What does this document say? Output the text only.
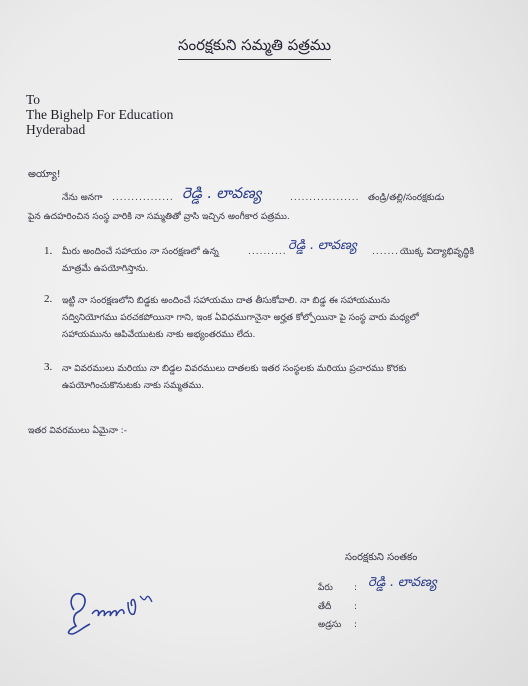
సంరక్షకుని సమ్మతి పత్రము
To
The Bighelp For Education
Hyderabad
అయ్యా!
నేను అనగా ................ రెడ్డి . లావణ్య	.................. తండ్రి/తల్లి/సంరక్షకుడు
పైన ఉదహరించిన సంస్థ వారికి నా సమ్మతితో వ్రాసి ఇచ్చిన అంగీకార పత్రము.
1. మీరు అందించే సహాయం నా సంరక్షణలో ఉన్న	.......... రెడ్డి . లావణ్య ....... యొక్క విద్యాభివృద్ధికి
మాత్రమే ఉపయోగిస్తాను.
2. ఇట్టి నా సంరక్షణలోని బిడ్డకు అందించే సహాయము దాత తీసుకోవాలి. నా బిడ్డ ఈ సహాయమును
సద్వినియోగము పరచకపోయినా గాని, ఇంక ఏవిధముగానైనా అర్హత కోల్పోయినా పై సంస్థ వారు మధ్యలో
సహాయమును ఆపివేయుటకు నాకు అభ్యంతరము లేదు.
3. నా వివరములు మరియు నా బిడ్డల వివరములు దాతలకు ఇతర సంస్థలకు మరియు ప్రచారము కొరకు
ఉపయోగించుకొనుటకు నాకు సమ్మతము.
ఇతర వివరములు ఏమైనా :-
సంరక్షకుని సంతకం
పేరు : రెడ్డి . లావణ్య
తేదీ	:
అడ్రసు :
